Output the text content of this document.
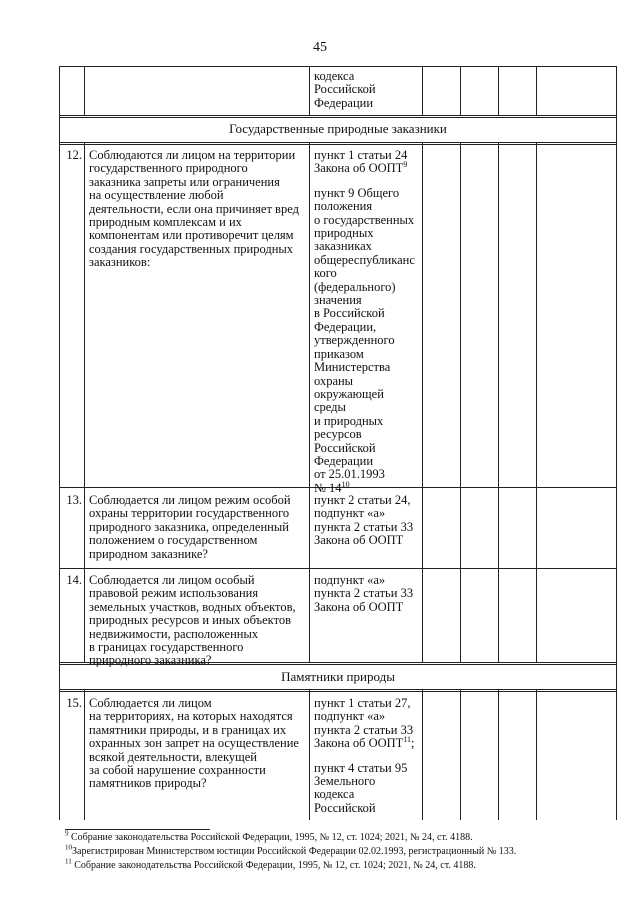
45
кодекса
Российской
Федерации
Государственные природные заказники
12. Соблюдаются ли лицом на территории
государственного природного
заказника запреты или ограничения
на осуществление любой
деятельности, если она причиняет вред
природным комплексам и их
компонентам или противоречит целям
создания государственных природных
заказников:
пункт 1 статьи 24
Закона об ООПТ$^9$
пункт 9 Общего
положения
о государственных
природных
заказниках
общереспубликанс
кого
(федерального)
значения
в Российской
Федерации,
утвержденного
приказом
Министерства
охраны
окружающей
среды
и природных
ресурсов
Российской
Федерации
от 25.01.1993
№ $14^{10}$
13. Соблюдается ли лицом режим особой
охраны территории государственного
природного заказника, определенный
положением о государственном
природном заказнике?
пункт 2 статьи 24,
подпункт «а»
пункта 2 статьи 33
Закона об ООПТ
14. Соблюдается ли лицом особый
правовой режим использования
земельных участков, водных объектов,
природных ресурсов и иных объектов
недвижимости, расположенных
в границах государственного
природного заказника?
подпункт «а»
пункта 2 статьи 33
Закона об ООПТ
Памятники природы
15. Соблюдается ли лицом
на территориях, на которых находятся
памятники природы, и в границах их
охранных зон запрет на осуществление
всякой деятельности, влекущей
за собой нарушение сохранности
памятников природы?
пункт 1 статьи 27,
подпункт «а»
пункта 2 статьи 33
Закона об ООПТ$^{11}$;
пункт 4 статьи 95
Земельного
кодекса
Российской
$^9$ Собрание законодательства Российской Федерации, 1995, № 12, ст. 1024; 2021, № 24, ст. 4188.
$^{10}$Зарегистрирован Министерством юстиции Российской Федерации 02.02.1993, регистрационный № 133.
$^{11}$ Собрание законодательства Российской Федерации, 1995, № 12, ст. 1024; 2021, № 24, ст. 4188.
